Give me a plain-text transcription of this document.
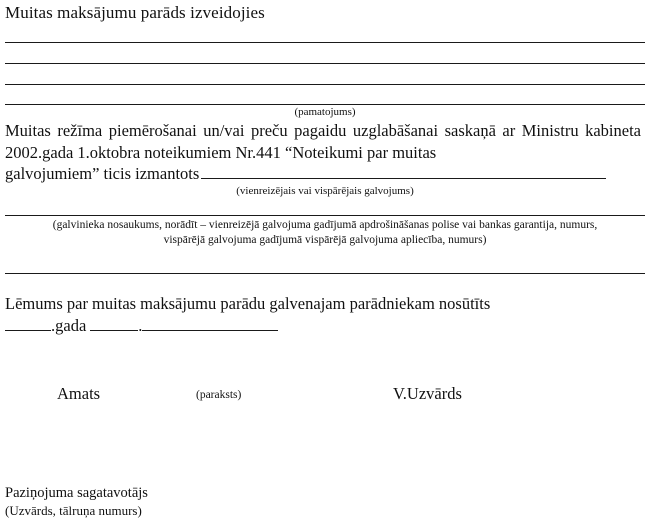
Muitas maksājumu parāds izveidojies
(pamatojums)
Muitas režīma piemērošanai un/vai preču pagaidu uzglabāšanai saskaņā ar Ministru kabineta 2002.gada 1.oktobra noteikumiem Nr.441 “Noteikumi par muitas
galvojumiem” ticis izmantots
(vienreizējais vai vispārējais galvojums)
(galvinieka nosaukums, norādīt – vienreizējā galvojuma gadījumā apdrošināšanas polise vai bankas garantija, numurs,
vispārējā galvojuma gadījumā vispārējā galvojuma apliecība, numurs)
Lēmums par muitas maksājumu parādu galvenajam parādniekam nosūtīts
.gada	.
Amats	(paraksts)	V.Uzvārds
Paziņojuma sagatavotājs
(Uzvārds, tālruņa numurs)
